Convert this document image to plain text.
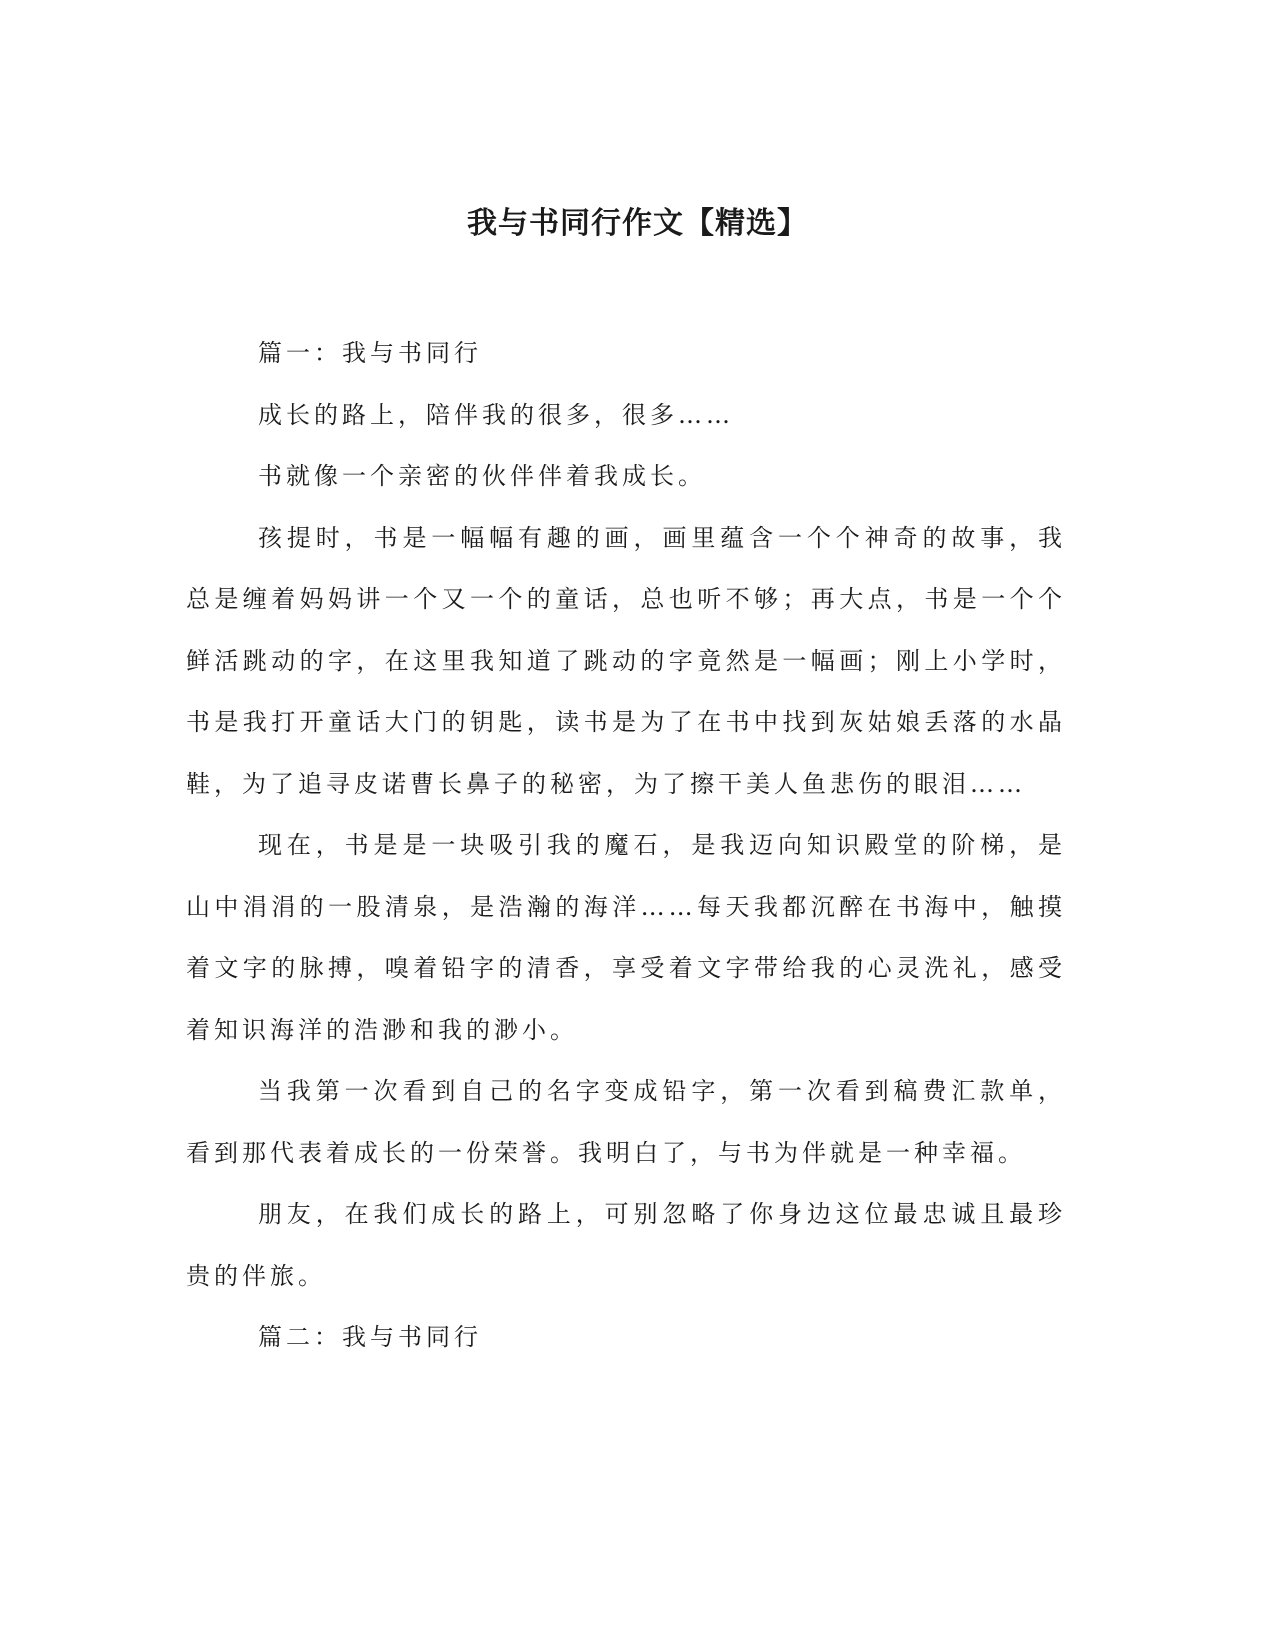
我与书同行作文【精选】

篇一：我与书同行

成长的路上，陪伴我的很多，很多……

书就像一个亲密的伙伴伴着我成长。

孩提时，书是一幅幅有趣的画，画里蕴含一个个神奇的故事，我总是缠着妈妈讲一个又一个的童话，总也听不够；再大点，书是一个个鲜活跳动的字，在这里我知道了跳动的字竟然是一幅画；刚上小学时，书是我打开童话大门的钥匙，读书是为了在书中找到灰姑娘丢落的水晶鞋，为了追寻皮诺曹长鼻子的秘密，为了擦干美人鱼悲伤的眼泪……

现在，书是是一块吸引我的魔石，是我迈向知识殿堂的阶梯，是山中涓涓的一股清泉，是浩瀚的海洋……每天我都沉醉在书海中，触摸着文字的脉搏，嗅着铅字的清香，享受着文字带给我的心灵洗礼，感受着知识海洋的浩渺和我的渺小。

当我第一次看到自己的名字变成铅字，第一次看到稿费汇款单，看到那代表着成长的一份荣誉。我明白了，与书为伴就是一种幸福。

朋友，在我们成长的路上，可别忽略了你身边这位最忠诚且最珍贵的伴旅。

篇二：我与书同行
